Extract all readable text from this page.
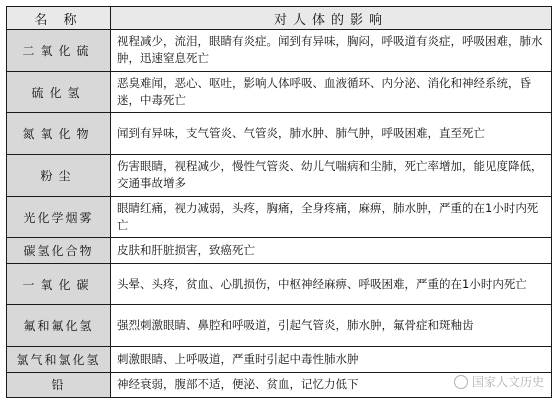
名 称	对人体的影响
二氧化硫	视程减少，流泪，眼睛有炎症。闻到有异味，胸闷，呼吸道有炎症，呼吸困难，肺水肿，迅速窒息死亡
硫化氢	恶臭难闻，恶心、呕吐，影响人体呼吸、血液循环、内分泌、消化和神经系统，昏迷，中毒死亡
氮氧化物	闻到有异味，支气管炎、气管炎，肺水肿、肺气肿，呼吸困难，直至死亡
粉尘	伤害眼睛，视程减少，慢性气管炎、幼儿气喘病和尘肺，死亡率增加，能见度降低，交通事故增多
光化学烟雾	眼睛红痛，视力减弱，头疼，胸痛，全身疼痛，麻痹，肺水肿，严重的在1小时内死亡
碳氢化合物	皮肤和肝脏损害，致癌死亡
一氧化碳	头晕、头疼，贫血、心肌损伤，中枢神经麻痹、呼吸困难，严重的在1小时内死亡
氟和氟化氢	强烈刺激眼睛、鼻腔和呼吸道，引起气管炎，肺水肿，氟骨症和斑釉齿
氯气和氯化氢	刺激眼睛、上呼吸道，严重时引起中毒性肺水肿
铅	神经衰弱，腹部不适，便泌、贫血，记忆力低下	国家人文历史
